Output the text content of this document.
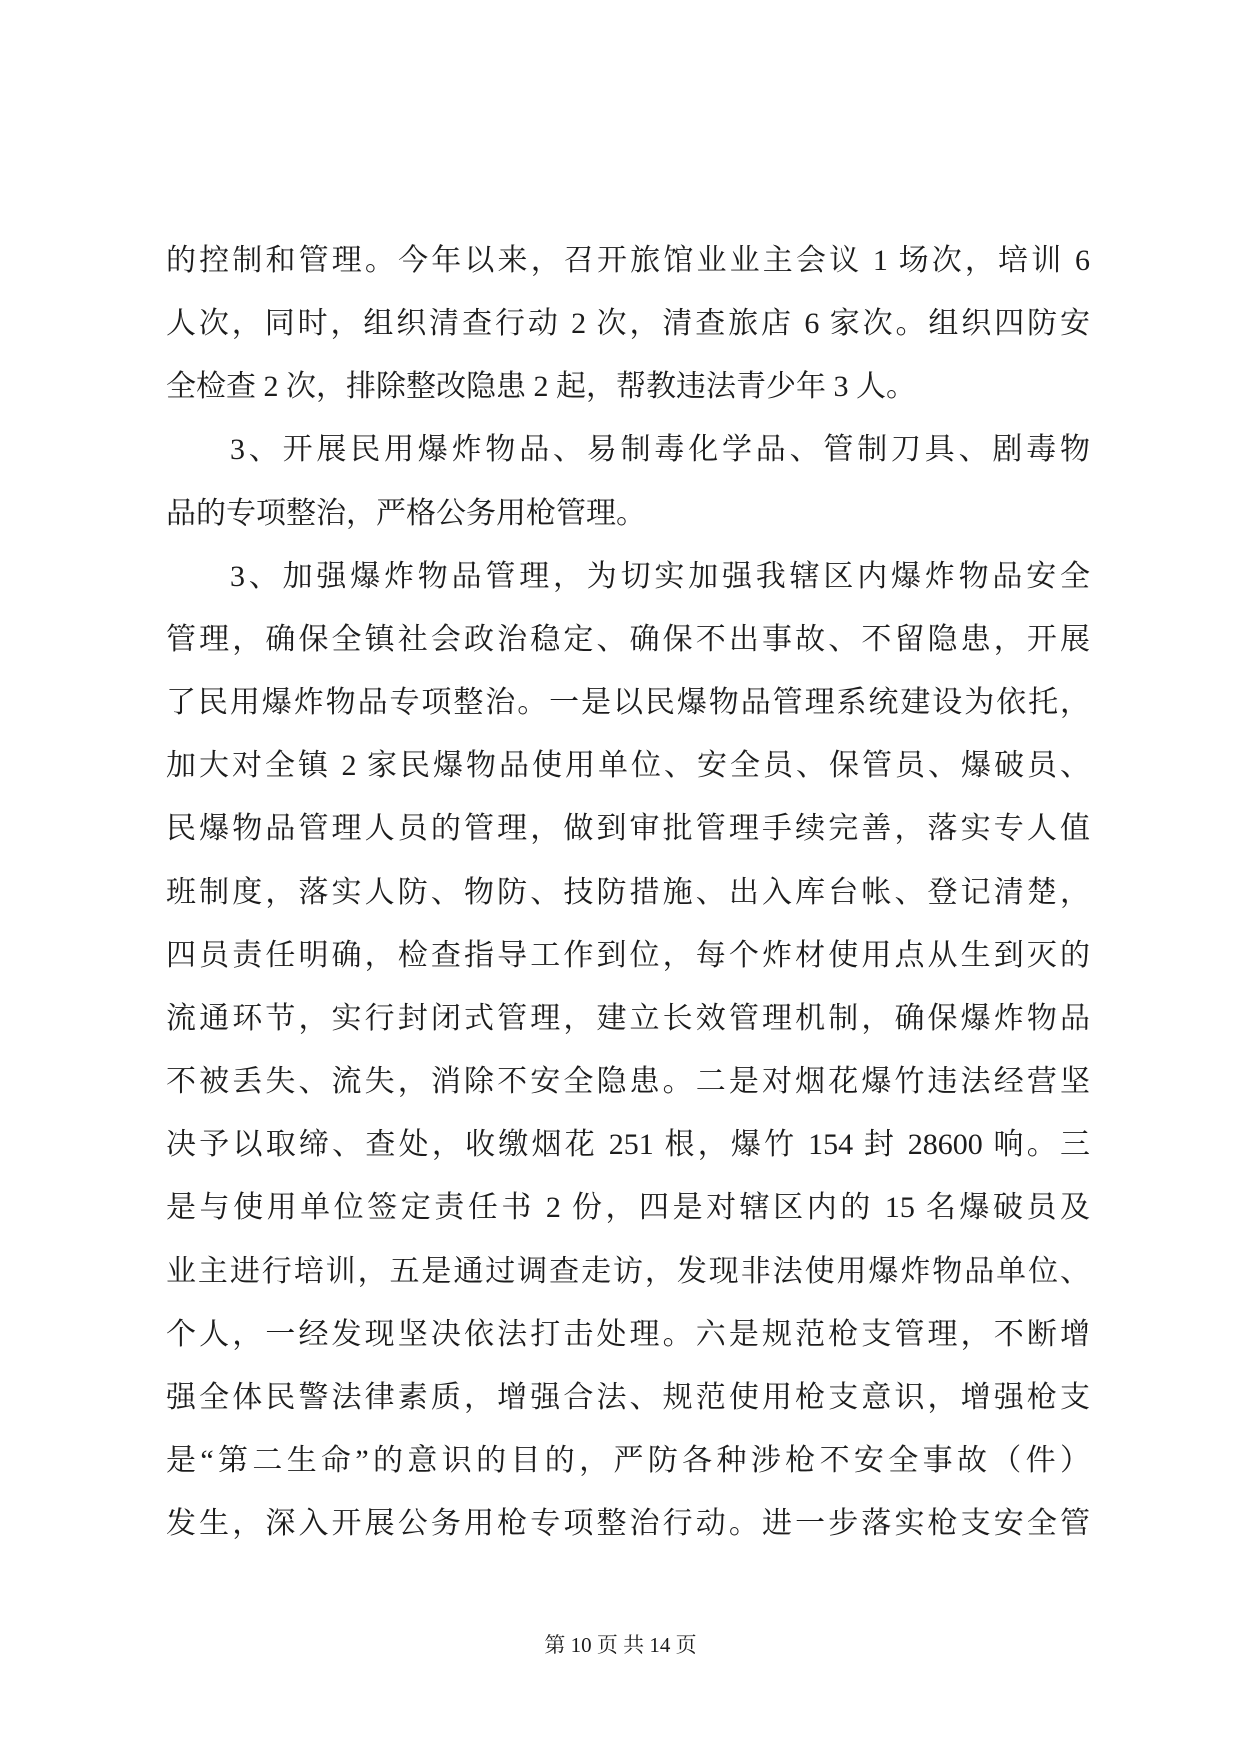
的控制和管理。今年以来，召开旅馆业业主会议 1 场次，培训 6
人次，同时，组织清查行动 2 次，清查旅店 6 家次。组织四防安
全检查 2 次，排除整改隐患 2 起，帮教违法青少年 3 人。
3、开展民用爆炸物品、易制毒化学品、管制刀具、剧毒物
品的专项整治，严格公务用枪管理。
3、加强爆炸物品管理，为切实加强我辖区内爆炸物品安全
管理，确保全镇社会政治稳定、确保不出事故、不留隐患，开展
了民用爆炸物品专项整治。一是以民爆物品管理系统建设为依托，
加大对全镇 2 家民爆物品使用单位、安全员、保管员、爆破员、
民爆物品管理人员的管理，做到审批管理手续完善，落实专人值
班制度，落实人防、物防、技防措施、出入库台帐、登记清楚，
四员责任明确，检查指导工作到位，每个炸材使用点从生到灭的
流通环节，实行封闭式管理，建立长效管理机制，确保爆炸物品
不被丢失、流失，消除不安全隐患。二是对烟花爆竹违法经营坚
决予以取缔、查处，收缴烟花 251 根，爆竹 154 封 28600 响。三
是与使用单位签定责任书 2 份，四是对辖区内的 15 名爆破员及
业主进行培训，五是通过调查走访，发现非法使用爆炸物品单位、
个人，一经发现坚决依法打击处理。六是规范枪支管理，不断增
强全体民警法律素质，增强合法、规范使用枪支意识，增强枪支
是“第二生命”的意识的目的，严防各种涉枪不安全事故（件）
发生，深入开展公务用枪专项整治行动。进一步落实枪支安全管
第 10 页 共 14 页
